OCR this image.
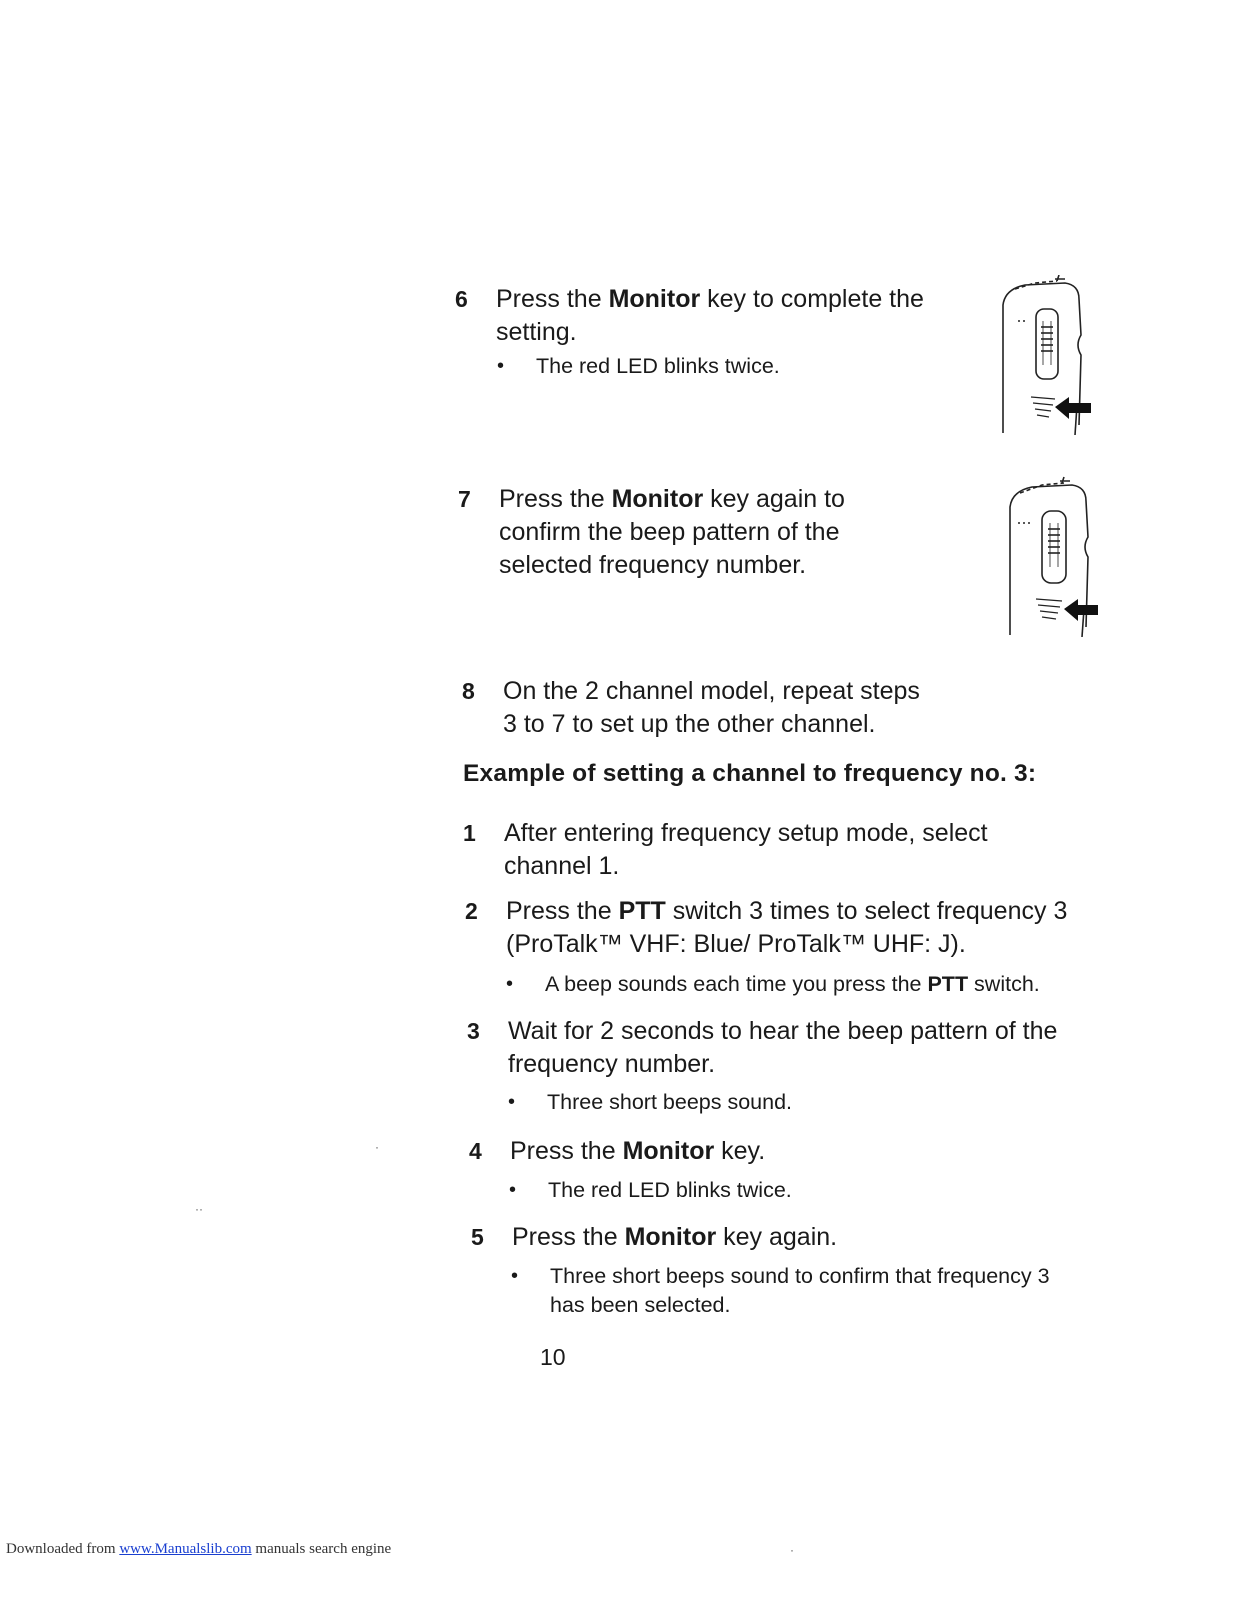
6 Press the Monitor key to complete the
setting.
• The red LED blinks twice.
7 Press the Monitor key again to
confirm the beep pattern of the
selected frequency number.
8 On the 2 channel model, repeat steps
3 to 7 to set up the other channel.
Example of setting a channel to frequency no. 3:
1 After entering frequency setup mode, select
channel 1.
2 Press the PTT switch 3 times to select frequency 3
(ProTalk™ VHF: Blue/ ProTalk™ UHF: J).
• A beep sounds each time you press the PTT switch.
3 Wait for 2 seconds to hear the beep pattern of the
frequency number.
• Three short beeps sound.
4 Press the Monitor key.
• The red LED blinks twice.
5 Press the Monitor key again.
• Three short beeps sound to confirm that frequency 3
has been selected.
10
·
··
·
Downloaded from www.Manualslib.com manuals search engine
